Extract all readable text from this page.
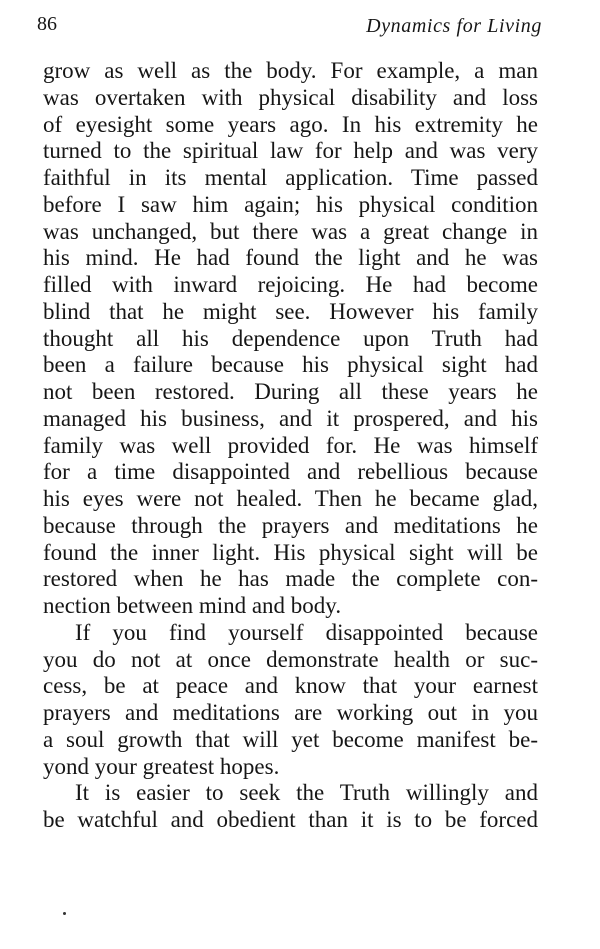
86	Dynamics for Living
grow as well as the body. For example, a man
was overtaken with physical disability and loss
of eyesight some years ago. In his extremity he
turned to the spiritual law for help and was very
faithful in its mental application. Time passed
before I saw him again; his physical condition
was unchanged, but there was a great change in
his mind. He had found the light and he was
filled with inward rejoicing. He had become
blind that he might see. However his family
thought all his dependence upon Truth had
been a failure because his physical sight had
not been restored. During all these years he
managed his business, and it prospered, and his
family was well provided for. He was himself
for a time disappointed and rebellious because
his eyes were not healed. Then he became glad,
because through the prayers and meditations he
found the inner light. His physical sight will be
restored when he has made the complete con-
nection between mind and body.
If you find yourself disappointed because
you do not at once demonstrate health or suc-
cess, be at peace and know that your earnest
prayers and meditations are working out in you
a soul growth that will yet become manifest be-
yond your greatest hopes.
It is easier to seek the Truth willingly and
be watchful and obedient than it is to be forced
